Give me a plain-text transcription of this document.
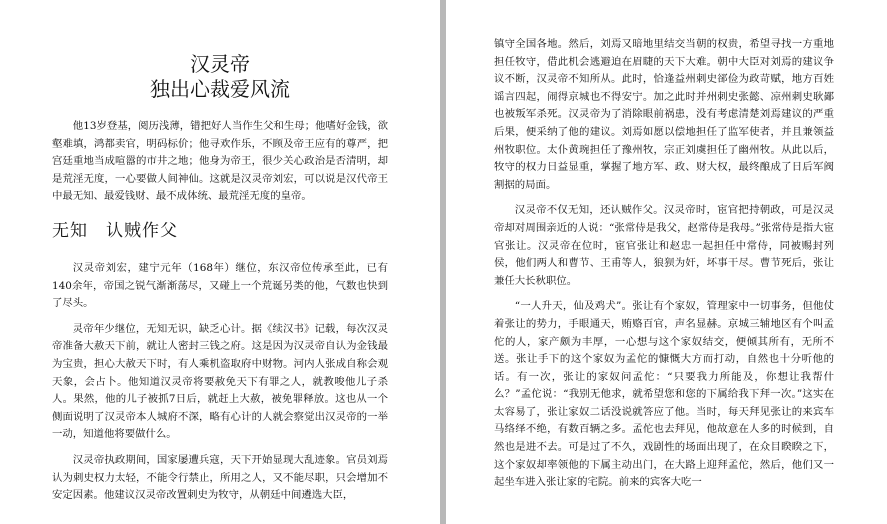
汉灵帝
独出心裁爱风流

他13岁登基，阅历浅薄，错把好人当作生父和生母；他嗜好金钱，欲壑难填，鸿都卖官，明码标价；他寻欢作乐，不顾及帝王应有的尊严，把宫廷重地当成喧嚣的市井之地；他身为帝王，很少关心政治是否清明，却是荒淫无度，一心要做人间神仙。这就是汉灵帝刘宏，可以说是汉代帝王中最无知、最爱钱财、最不成体统、最荒淫无度的皇帝。

无知　认贼作父

汉灵帝刘宏，建宁元年（168年）继位，东汉帝位传承至此，已有140余年，帝国之锐气渐渐荡尽，又碰上一个荒诞另类的他，气数也快到了尽头。

灵帝年少继位，无知无识，缺乏心计。据《续汉书》记载，每次汉灵帝准备大赦天下前，就让人密封三钱之府。这是因为汉灵帝自认为金钱最为宝贵，担心大赦天下时，有人乘机盗取府中财物。河内人张成自称会观天象，会占卜。他知道汉灵帝将要赦免天下有罪之人，就教唆他儿子杀人。果然，他的儿子被抓7日后，就赶上大赦，被免罪释放。这也从一个侧面说明了汉灵帝本人城府不深，略有心计的人就会察觉出汉灵帝的一举一动，知道他将要做什么。

汉灵帝执政期间，国家屡遭兵寇，天下开始显现大乱迹象。官员刘焉认为刺史权力太轻，不能令行禁止，所用之人，又不能尽职，只会增加不安定因素。他建议汉灵帝改置刺史为牧守，从朝廷中间遴选大臣，

镇守全国各地。然后，刘焉又暗地里结交当朝的权贵，希望寻找一方重地担任牧守，借此机会逃避迫在眉睫的天下大难。朝中大臣对刘焉的建议争议不断，汉灵帝不知所从。此时，恰逢益州刺史郤俭为政苛赋，地方百姓谣言四起，闹得京城也不得安宁。加之此时并州刺史张懿、凉州刺史耿鄙也被叛军杀死。汉灵帝为了消除眼前祸患，没有考虑清楚刘焉建议的严重后果，便采纳了他的建议。刘焉如愿以偿地担任了监军使者，并且兼领益州牧职位。太仆黄琬担任了豫州牧，宗正刘虞担任了幽州牧。从此以后，牧守的权力日益显重，掌握了地方军、政、财大权，最终酿成了日后军阀割据的局面。

汉灵帝不仅无知，还认贼作父。汉灵帝时，宦官把持朝政，可是汉灵帝却对周围亲近的人说：“张常侍是我父，赵常侍是我母。”张常侍是指大宦官张让。汉灵帝在位时，宦官张让和赵忠一起担任中常侍，同被赐封列侯，他们两人和曹节、王甫等人，狼狈为奸，坏事干尽。曹节死后，张让兼任大长秋职位。

“一人升天，仙及鸡犬”。张让有个家奴，管理家中一切事务，但他仗着张让的势力，手眼通天，贿赂百官，声名显赫。京城三辅地区有个叫孟佗的人，家产颇为丰厚，一心想与这个家奴结交，便倾其所有，无所不送。张让手下的这个家奴为孟佗的慷慨大方而打动，自然也十分听他的话。有一次，张让的家奴问孟佗：“只要我力所能及，你想让我帮什么？”孟佗说：“我别无他求，就希望您和您的下属给我下拜一次。”这实在太容易了，张让家奴二话没说就答应了他。当时，每天拜见张让的来宾车马络绎不绝，有数百辆之多。孟佗也去拜见，他故意在人多的时候到，自然也是进不去。可是过了不久，戏剧性的场面出现了，在众目睽睽之下，这个家奴却率领他的下属主动出门，在大路上迎拜孟佗，然后，他们又一起坐车进入张让家的宅院。前来的宾客大吃一
